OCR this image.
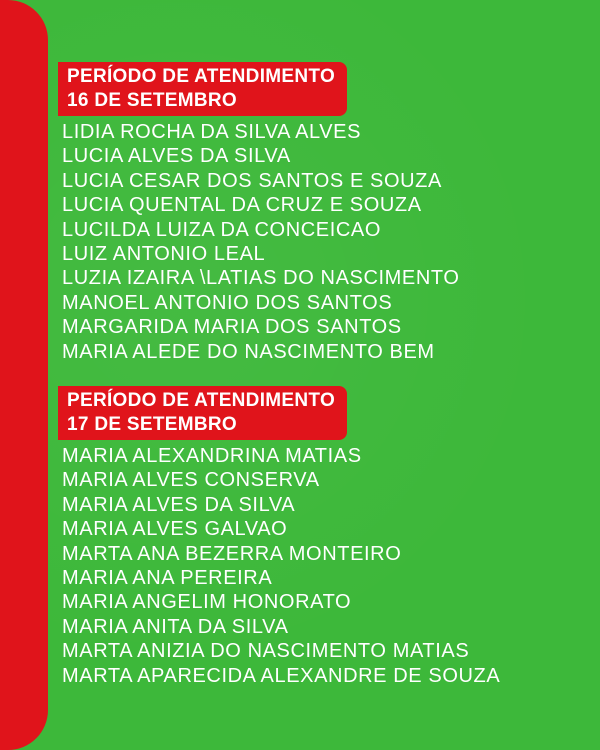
PERÍODO DE ATENDIMENTO
16 DE SETEMBRO
LIDIA ROCHA DA SILVA ALVES
LUCIA ALVES DA SILVA
LUCIA CESAR DOS SANTOS E SOUZA
LUCIA QUENTAL DA CRUZ E SOUZA
LUCILDA LUIZA DA CONCEICAO
LUIZ ANTONIO LEAL
LUZIA IZAIRA \LATIAS DO NASCIMENTO
MANOEL ANTONIO DOS SANTOS
MARGARIDA MARIA DOS SANTOS
MARIA ALEDE DO NASCIMENTO BEM
PERÍODO DE ATENDIMENTO
17 DE SETEMBRO
MARIA ALEXANDRINA MATIAS
MARIA ALVES CONSERVA
MARIA ALVES DA SILVA
MARIA ALVES GALVAO
MARTA ANA BEZERRA MONTEIRO
MARIA ANA PEREIRA
MARIA ANGELIM HONORATO
MARIA ANITA DA SILVA
MARTA ANIZIA DO NASCIMENTO MATIAS
MARTA APARECIDA ALEXANDRE DE SOUZA
